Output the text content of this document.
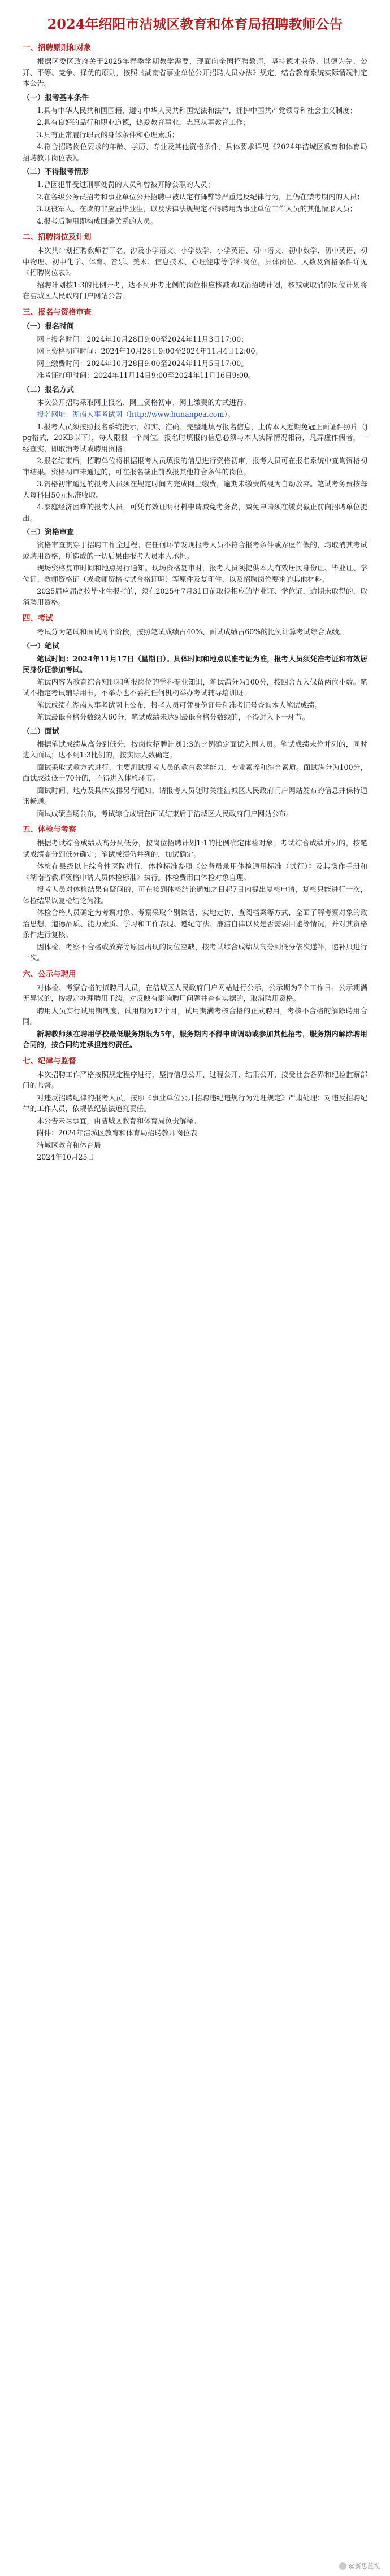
2024年绍阳市洁城区教育和体育局招聘教师公告
一、招聘原则和对象
根据区委区政府关于2025年春季学期教学需要，现面向全国招聘教师，坚持德才兼备、以德为先、公开、平等、竞争、择优的原则，按照《湖南省事业单位公开招聘人员办法》规定，结合教育系统实际情况制定本公告。
（一）报考基本条件
1.具有中华人民共和国国籍，遵守中华人民共和国宪法和法律，拥护中国共产党领导和社会主义制度；
2.具有良好的品行和职业道德，热爱教育事业，志愿从事教育工作；
3.具有正常履行职责的身体条件和心理素质；
4.符合招聘岗位要求的年龄、学历、专业及其他资格条件，具体要求详见《2024年洁城区教育和体育局招聘教师岗位表》。
（二）不得报考情形
1.曾因犯罪受过刑事处罚的人员和曾被开除公职的人员；
2.在各级公务员招考和事业单位公开招聘中被认定有舞弊等严重违反纪律行为，且仍在禁考期内的人员；
3.现役军人、在读的非应届毕业生，以及法律法规规定不得聘用为事业单位工作人员的其他情形人员；
4.报考后聘用即构成回避关系的人员。
二、招聘岗位及计划
本次共计划招聘教师若干名，涉及小学语文、小学数学、小学英语、初中语文、初中数学、初中英语、初中物理、初中化学、体育、音乐、美术、信息技术、心理健康等学科岗位，具体岗位、人数及资格条件详见《招聘岗位表》。
招聘计划按1:3的比例开考，达不到开考比例的岗位相应核减或取消招聘计划，核减或取消的岗位计划将在洁城区人民政府门户网站公告。
三、报名与资格审查
（一）报名时间
网上报名时间：2024年10月28日9:00至2024年11月3日17:00；
网上资格初审时间：2024年10月28日9:00至2024年11月4日12:00；
网上缴费时间：2024年10月28日9:00至2024年11月5日17:00。
准考证打印时间：2024年11月14日9:00至2024年11月16日9:00。
（二）报名方式
本次公开招聘采取网上报名、网上资格初审、网上缴费的方式进行。
报名网址：湖南人事考试网（http://www.hunanpea.com）。
1.报考人员须按照报名系统提示，如实、准确、完整地填写报名信息，上传本人近期免冠正面证件照片（jpg格式，20KB以下），每人限报一个岗位。报名时填报的信息必须与本人实际情况相符，凡弄虚作假者，一经查实，即取消考试或聘用资格。
2.报名结束后，招聘单位将根据报考人员填报的信息进行资格初审，报考人员可在报名系统中查询资格初审结果。资格初审未通过的，可在报名截止前改报其他符合条件的岗位。
3.资格初审通过的报考人员须在规定时间内完成网上缴费，逾期未缴费的视为自动放弃。笔试考务费按每人每科目50元标准收取。
4.家庭经济困难的报考人员，可凭有效证明材料申请减免考务费，减免申请须在缴费截止前向招聘单位提出。
（三）资格审查
资格审查贯穿于招聘工作全过程。在任何环节发现报考人员不符合报考条件或弄虚作假的，均取消其考试或聘用资格，所造成的一切后果由报考人员本人承担。
现场资格复审时间和地点另行通知。现场资格复审时，报考人员须提供本人有效居民身份证、毕业证、学位证、教师资格证（或教师资格考试合格证明）等原件及复印件，以及招聘岗位要求的其他材料。
2025届应届高校毕业生报考的，须在2025年7月31日前取得相应的毕业证、学位证，逾期未取得的，取消聘用资格。
四、考试
考试分为笔试和面试两个阶段，按照笔试成绩占40%、面试成绩占60%的比例计算考试综合成绩。
（一）笔试
笔试时间：2024年11月17日（星期日）。具体时间和地点以准考证为准，报考人员须凭准考证和有效居民身份证参加考试。
笔试内容为教育综合知识和所报岗位的学科专业知识，笔试满分为100分，按四舍五入保留两位小数。笔试不指定考试辅导用书，不举办也不委托任何机构举办考试辅导培训班。
笔试成绩在湖南人事考试网上公布，报考人员可凭身份证号和准考证号查询本人笔试成绩。
笔试最低合格分数线为60分，笔试成绩未达到最低合格分数线的，不得进入下一环节。
（二）面试
根据笔试成绩从高分到低分，按岗位招聘计划1:3的比例确定面试入围人员。笔试成绩末位并列的，同时进入面试；达不到1:3比例的，按实际人数确定。
面试采取试教方式进行，主要测试报考人员的教育教学能力、专业素养和综合素质。面试满分为100分，面试成绩低于70分的，不得进入体检环节。
面试时间、地点及具体安排另行通知，请报考人员随时关注洁城区人民政府门户网站发布的信息并保持通讯畅通。
面试成绩当场公布，考试综合成绩在面试结束后于洁城区人民政府门户网站公布。
五、体检与考察
根据考试综合成绩从高分到低分，按岗位招聘计划1:1的比例确定体检对象。考试综合成绩并列的，按笔试成绩高分到低分确定；笔试成绩仍并列的，加试确定。
体检在县级以上综合性医院进行，体检标准参照《公务员录用体检通用标准（试行）》及其操作手册和《湖南省教师资格申请人员体检标准》执行。体检费用由体检对象自理。
报考人员对体检结果有疑问的，可在接到体检结论通知之日起7日内提出复检申请，复检只能进行一次，体检结果以复检结论为准。
体检合格人员确定为考察对象。考察采取个别谈话、实地走访、查阅档案等方式，全面了解考察对象的政治思想、道德品质、能力素质、学习和工作表现、遵纪守法、廉洁自律以及是否需要回避等情况，并对其资格条件进行复核。
因体检、考察不合格或放弃等原因出现的岗位空缺，按考试综合成绩从高分到低分依次递补，递补只进行一次。
六、公示与聘用
对体检、考察合格的拟聘用人员，在洁城区人民政府门户网站进行公示，公示期为7个工作日。公示期满无异议的，按规定办理聘用手续；对反映有影响聘用问题并查有实据的，取消聘用资格。
聘用人员实行试用期制度，试用期为12个月，试用期满考核合格的正式聘用，考核不合格的解除聘用合同。
新聘教师须在聘用学校最低服务期限为5年，服务期内不得申请调动或参加其他招考，服务期内解除聘用合同的，按合同约定承担违约责任。
七、纪律与监督
本次招聘工作严格按照规定程序进行，坚持信息公开、过程公开、结果公开，接受社会各界和纪检监察部门的监督。
对违反招聘纪律的报考人员，按照《事业单位公开招聘违纪违规行为处理规定》严肃处理；对违反招聘纪律的工作人员，依规依纪依法追究责任。
本公告未尽事宜，由洁城区教育和体育局负责解释。
附件：2024年洁城区教育和体育局招聘教师岗位表
洁城区教育和体育局
2024年10月25日
@新思蓝视
